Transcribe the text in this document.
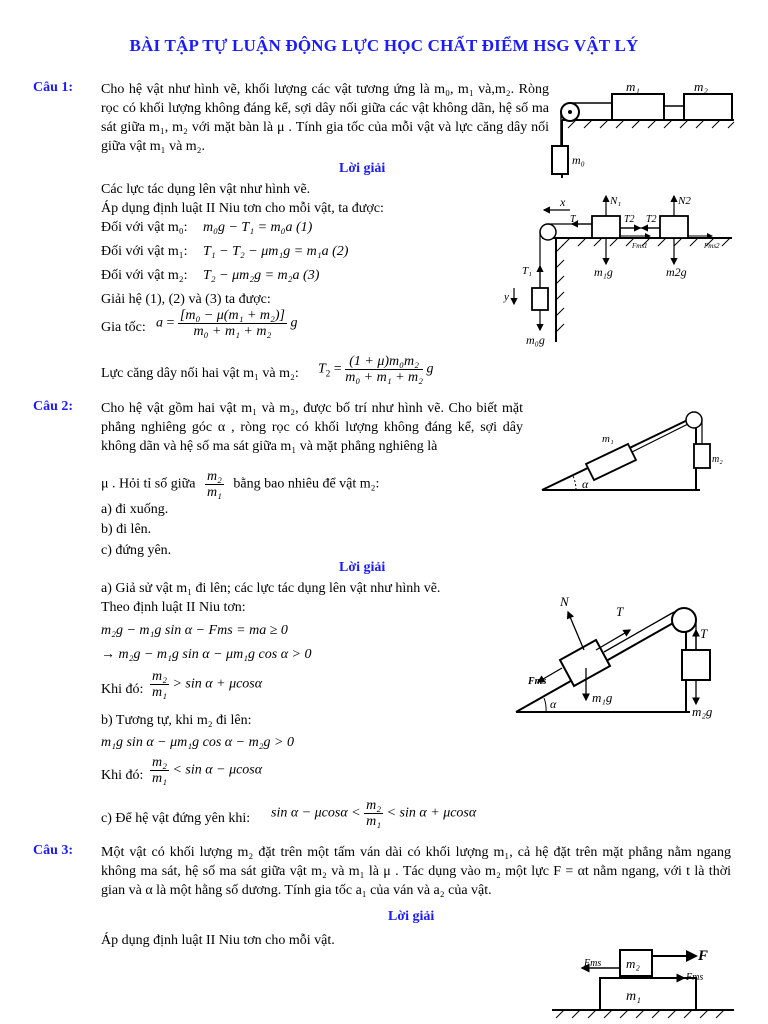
BÀI TẬP TỰ LUẬN ĐỘNG LỰC HỌC CHẤT ĐIỂM HSG VẬT LÝ
Câu 1: Cho hệ vật như hình vẽ, khối lượng các vật tương ứng là m₀, m₁ và,m₂. Ròng rọc có khối lượng không đáng kể, sợi dây nối giữa các vật không dãn, hệ số ma sát giữa m₁, m₂ với mặt bàn là μ . Tính gia tốc của mỗi vật và lực căng dây nối giữa vật m₁ và m₂.
m₁	m₂
m₀
Lời giải
Các lực tác dụng lên vật như hình vẽ.
Áp dụng định luật II Niu tơn cho mỗi vật, ta được:
Đối với vật m₀: m₀g − T₁ = m₀a (1)
Đối với vật m₁: T₁ − T₂ − μm₁g = m₁a (2)
Đối với vật m₂: T₂ − μm₂g = m₂a (3)
Giải hệ (1), (2) và (3) ta được:
Gia tốc: $a = \frac{\text{[m₀ − μ(m₁ + m₂)]}}{\text{m₀ + m₁ + m₂}}$ g
Lực căng dây nối hai vật m₁ và m₂: $T_2 = \frac{\text{(1 + μ)m₀m₂}}{\text{m₀ + m₁ + m₂}}$ g
x	N₁	N2
T₁	T2 T2
Fms1	Fms2
m₁g	m2g
T₁
y
m₀g
Câu 2: Cho hệ vật gồm hai vật m₁ và m₂, được bố trí như hình vẽ. Cho biết mặt phẳng nghiêng góc α , ròng rọc có khối lượng không đáng kể, sợi dây không dãn và hệ số ma sát giữa m₁ và mặt phẳng nghiêng là
μ . Hỏi tỉ số giữa $\frac{\text{m₂}}{\text{m₁}}$ bằng bao nhiêu để vật m₂:
a) đi xuống.
b) đi lên.
c) đứng yên.
m₁
m₂
α
Lời giải
a) Giả sử vật m₁ đi lên; các lực tác dụng lên vật như hình vẽ.
Theo định luật II Niu tơn:
m₂g − m₁g sin α − Fms = ma ≥ 0
→ m₂g − m₁g sin α − μm₁g cos α > 0
Khi đó: $\frac{\text{m₂}}{\text{m₁}} > \sin \alpha + \mu\cos\alpha$
b) Tương tự, khi m₂ đi lên:
m₁g sin α − μm₁g cos α − m₂g > 0
Khi đó: $\frac{\text{m₂}}{\text{m₁}} < \sin \alpha - \mu\cos\alpha$
c) Để hệ vật đứng yên khi: $\sin \alpha - \mu\cos\alpha < \frac{\text{m₂}}{\text{m₁}} < \sin \alpha + \mu\cos\alpha$
N
T
T
Fms
m₁g
m₂g
α
Câu 3: Một vật có khối lượng m₂ đặt trên một tấm ván dài có khối lượng m₁, cả hệ đặt trên mặt phẳng nằm ngang không ma sát, hệ số ma sát giữa vật m₂ và m₁ là μ . Tác dụng vào m₂ một lực F = αt nằm ngang, với t là thời gian và α là một hằng số dương. Tính gia tốc a₁ của ván và a₂ của vật.
Lời giải
Áp dụng định luật II Niu tơn cho mỗi vật.
m₂
m₁
F
Fms
Fms
